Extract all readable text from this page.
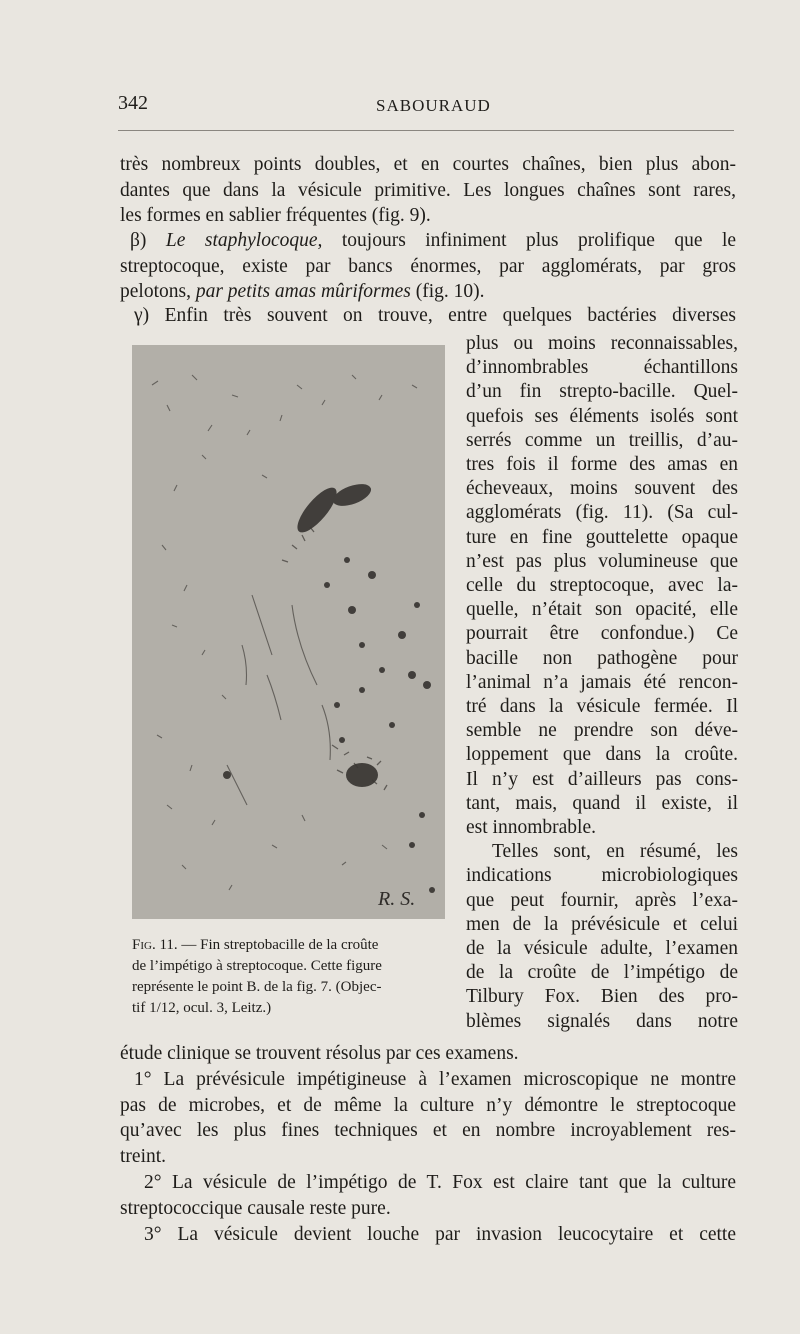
342	SABOURAUD
très nombreux points doubles, et en courtes chaînes, bien plus abon-
dantes que dans la vésicule primitive. Les longues chaînes sont rares,
les formes en sablier fréquentes (fig. 9).
β) Le staphylocoque, toujours infiniment plus prolifique que le
streptocoque, existe par bancs énormes, par agglomérats, par gros
pelotons, par petits amas mûriformes (fig. 10).
γ) Enfin très souvent on trouve, entre quelques bactéries diverses
R. S.
Fig. 11. — Fin streptobacille de la croûte
de l’impétigo à streptocoque. Cette figure
représente le point B. de la fig. 7. (Objec-
tif 1/12, ocul. 3, Leitz.)
plus ou moins reconnaissables,
d’innombrables échantillons
d’un fin strepto-bacille. Quel-
quefois ses éléments isolés sont
serrés comme un treillis, d’au-
tres fois il forme des amas en
écheveaux, moins souvent des
agglomérats (fig. 11). (Sa cul-
ture en fine gouttelette opaque
n’est pas plus volumineuse que
celle du streptocoque, avec la-
quelle, n’était son opacité, elle
pourrait être confondue.) Ce
bacille non pathogène pour
l’animal n’a jamais été rencon-
tré dans la vésicule fermée. Il
semble ne prendre son déve-
loppement que dans la croûte.
Il n’y est d’ailleurs pas cons-
tant, mais, quand il existe, il
est innombrable.
Telles sont, en résumé, les
indications microbiologiques
que peut fournir, après l’exa-
men de la prévésicule et celui
de la vésicule adulte, l’examen
de la croûte de l’impétigo de
Tilbury Fox. Bien des pro-
blèmes signalés dans notre
étude clinique se trouvent résolus par ces examens.
1° La prévésicule impétigineuse à l’examen microscopique ne montre
pas de microbes, et de même la culture n’y démontre le streptocoque
qu’avec les plus fines techniques et en nombre incroyablement res-
treint.
2° La vésicule de l’impétigo de T. Fox est claire tant que la culture
streptococcique causale reste pure.
3° La vésicule devient louche par invasion leucocytaire et cette
